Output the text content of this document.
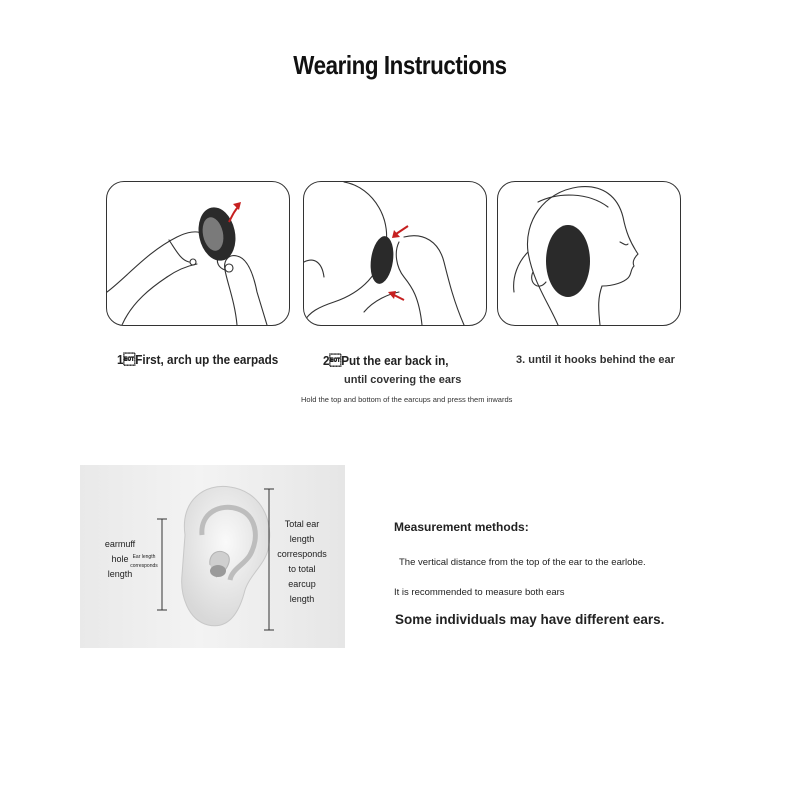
Wearing Instructions
1First, arch up the earpads	2Put the ear back in,
until covering the ears
Hold the top and bottom of the earcups and press them inwards
3. until it hooks behind the ear
earmuff
hole
length
Ear length
corresponds
Total ear
length
corresponds
to total
earcup
length
Measurement methods:
The vertical distance from the top of the ear to the earlobe.
It is recommended to measure both ears
Some individuals may have different ears.
